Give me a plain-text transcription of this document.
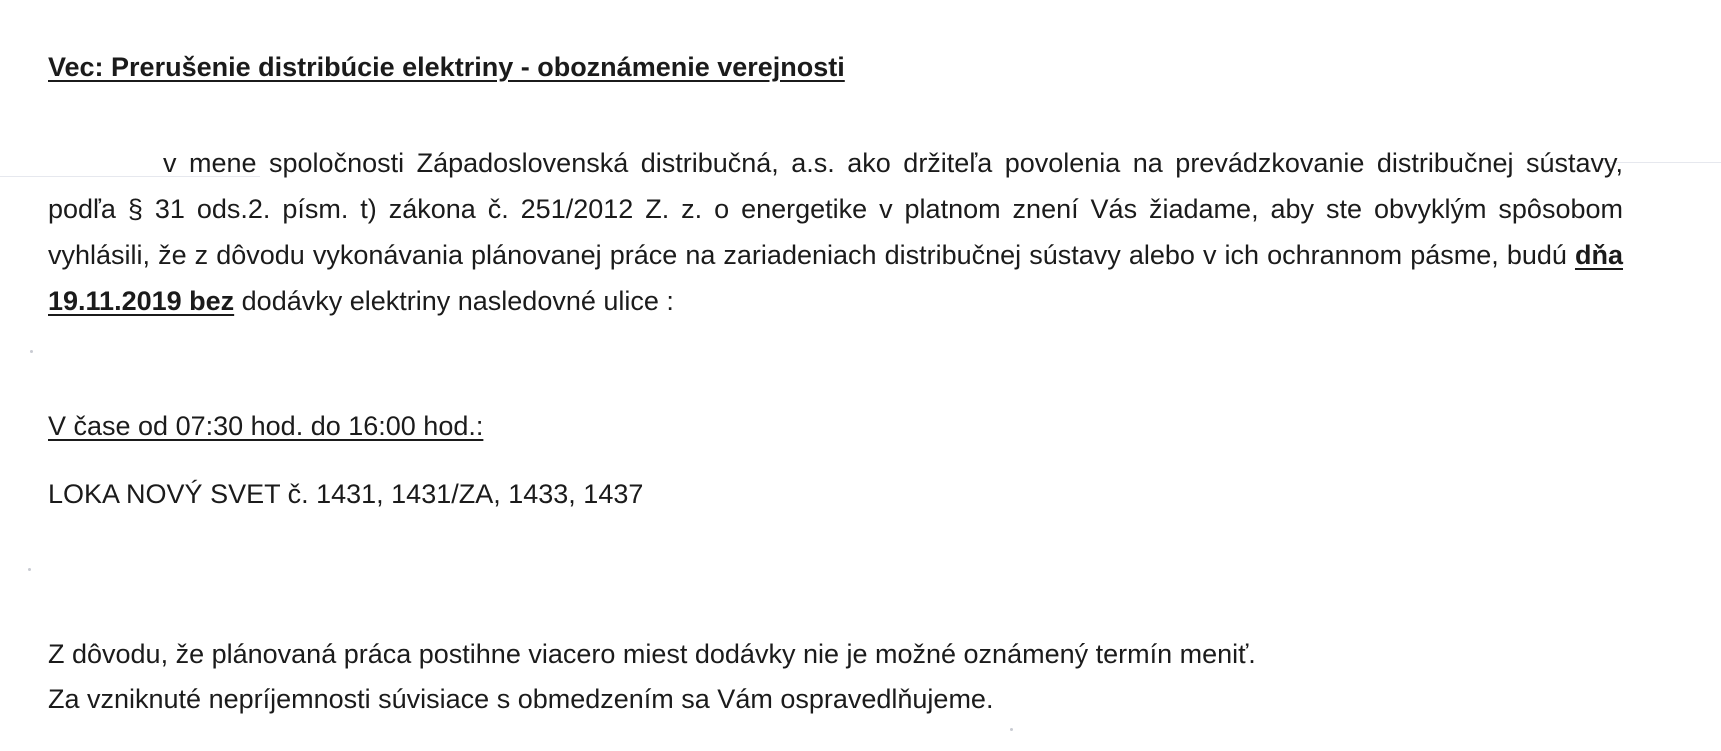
Vec: Prerušenie distribúcie elektriny - oboznámenie verejnosti
v mene spoločnosti Západoslovenská distribučná, a.s. ako držiteľa povolenia na prevádzkovanie distribučnej sústavy, podľa § 31 ods.2. písm. t) zákona č. 251/2012 Z. z. o energetike v platnom znení Vás žiadame, aby ste obvyklým spôsobom vyhlásili, že z dôvodu vykonávania plánovanej práce na zariadeniach distribučnej sústavy alebo v ich ochrannom pásme, budú dňa 19.11.2019 bez dodávky elektriny nasledovné ulice :
V čase od 07:30 hod. do 16:00 hod.:
LOKA NOVÝ SVET č. 1431, 1431/ZA, 1433, 1437
Z dôvodu, že plánovaná práca postihne viacero miest dodávky nie je možné oznámený termín meniť.
Za vzniknuté nepríjemnosti súvisiace s obmedzením sa Vám ospravedlňujeme.
